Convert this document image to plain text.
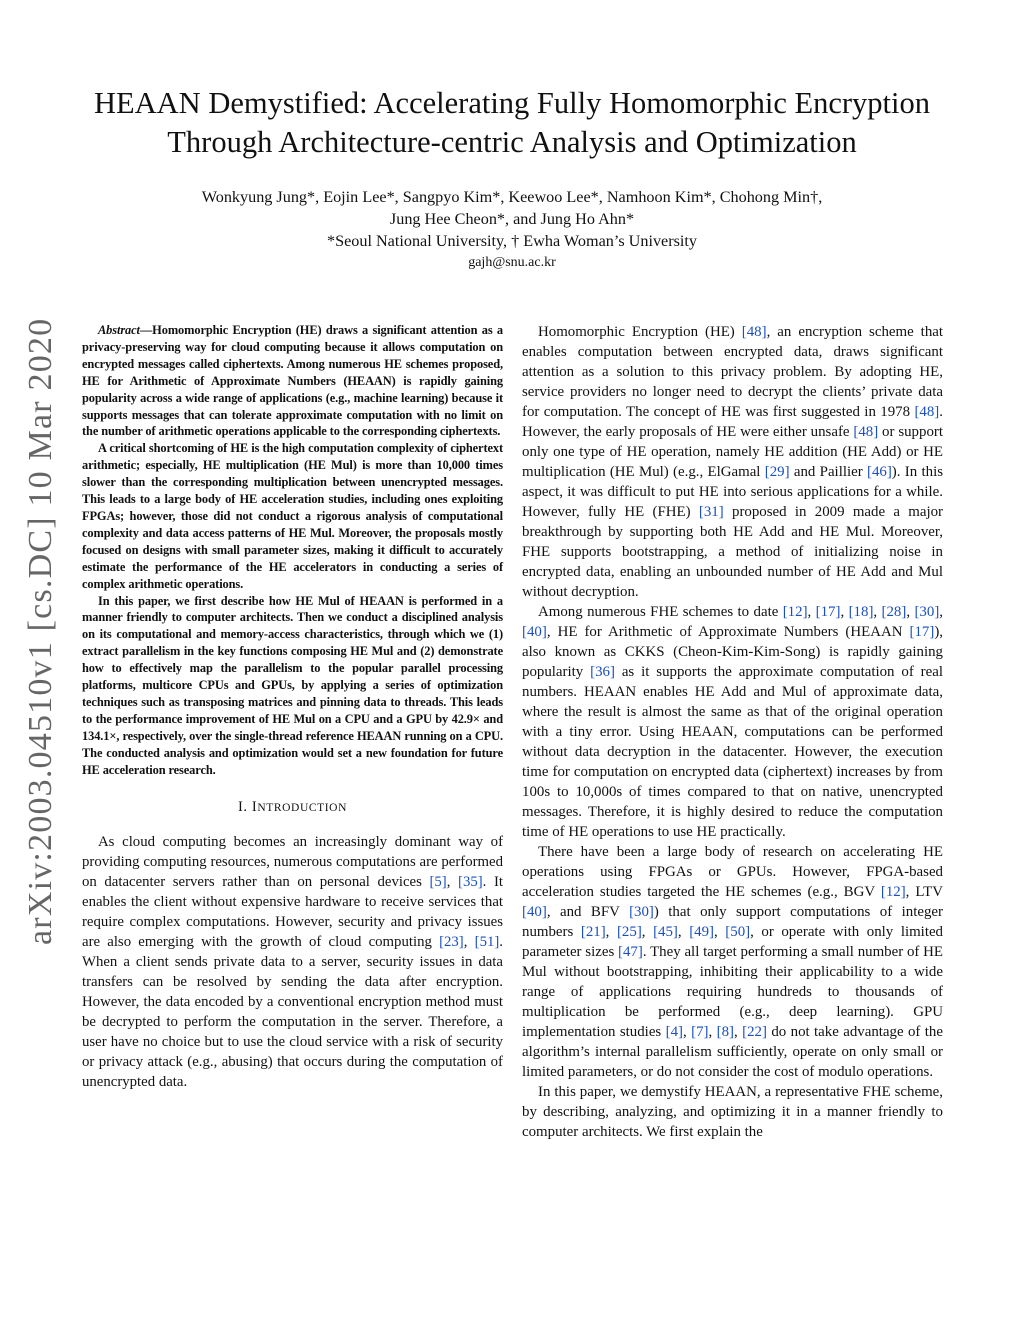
arXiv:2003.04510v1 [cs.DC] 10 Mar 2020
HEAAN Demystified: Accelerating Fully Homomorphic Encryption
Through Architecture-centric Analysis and Optimization
Wonkyung Jung*, Eojin Lee*, Sangpyo Kim*, Keewoo Lee*, Namhoon Kim*, Chohong Min†,
Jung Hee Cheon*, and Jung Ho Ahn*
*Seoul National University, † Ewha Woman’s University
gajh@snu.ac.kr

Abstract—Homomorphic Encryption (HE) draws a significant attention as a privacy-preserving way for cloud computing because it allows computation on encrypted messages called ciphertexts. Among numerous HE schemes proposed, HE for Arithmetic of Approximate Numbers (HEAAN) is rapidly gaining popularity across a wide range of applications (e.g., machine learning) because it supports messages that can tolerate approximate computation with no limit on the number of arithmetic operations applicable to the corresponding ciphertexts.

A critical shortcoming of HE is the high computation complexity of ciphertext arithmetic; especially, HE multiplication (HE Mul) is more than 10,000 times slower than the corresponding multiplication between unencrypted messages. This leads to a large body of HE acceleration studies, including ones exploiting FPGAs; however, those did not conduct a rigorous analysis of computational complexity and data access patterns of HE Mul. Moreover, the proposals mostly focused on designs with small parameter sizes, making it difficult to accurately estimate the performance of the HE accelerators in conducting a series of complex arithmetic operations.

In this paper, we first describe how HE Mul of HEAAN is performed in a manner friendly to computer architects. Then we conduct a disciplined analysis on its computational and memory-access characteristics, through which we (1) extract parallelism in the key functions composing HE Mul and (2) demonstrate how to effectively map the parallelism to the popular parallel processing platforms, multicore CPUs and GPUs, by applying a series of optimization techniques such as transposing matrices and pinning data to threads. This leads to the performance improvement of HE Mul on a CPU and a GPU by 42.9× and 134.1×, respectively, over the single-thread reference HEAAN running on a CPU. The conducted analysis and optimization would set a new foundation for future HE acceleration research.

I. INTRODUCTION

As cloud computing becomes an increasingly dominant way of providing computing resources, numerous computations are performed on datacenter servers rather than on personal devices [5], [35]. It enables the client without expensive hardware to receive services that require complex computations. However, security and privacy issues are also emerging with the growth of cloud computing [23], [51]. When a client sends private data to a server, security issues in data transfers can be resolved by sending the data after encryption. However, the data encoded by a conventional encryption method must be decrypted to perform the computation in the server. Therefore, a user have no choice but to use the cloud service with a risk of security or privacy attack (e.g., abusing) that occurs during the computation of unencrypted data.

Homomorphic Encryption (HE) [48], an encryption scheme that enables computation between encrypted data, draws significant attention as a solution to this privacy problem. By adopting HE, service providers no longer need to decrypt the clients’ private data for computation. The concept of HE was first suggested in 1978 [48]. However, the early proposals of HE were either unsafe [48] or support only one type of HE operation, namely HE addition (HE Add) or HE multiplication (HE Mul) (e.g., ElGamal [29] and Paillier [46]). In this aspect, it was difficult to put HE into serious applications for a while. However, fully HE (FHE) [31] proposed in 2009 made a major breakthrough by supporting both HE Add and HE Mul. Moreover, FHE supports bootstrapping, a method of initializing noise in encrypted data, enabling an unbounded number of HE Add and Mul without decryption.

Among numerous FHE schemes to date [12], [17], [18], [28], [30], [40], HE for Arithmetic of Approximate Numbers (HEAAN [17]), also known as CKKS (Cheon-Kim-Kim-Song) is rapidly gaining popularity [36] as it supports the approximate computation of real numbers. HEAAN enables HE Add and Mul of approximate data, where the result is almost the same as that of the original operation with a tiny error. Using HEAAN, computations can be performed without data decryption in the datacenter. However, the execution time for computation on encrypted data (ciphertext) increases by from 100s to 10,000s of times compared to that on native, unencrypted messages. Therefore, it is highly desired to reduce the computation time of HE operations to use HE practically.

There have been a large body of research on accelerating HE operations using FPGAs or GPUs. However, FPGA-based acceleration studies targeted the HE schemes (e.g., BGV [12], LTV [40], and BFV [30]) that only support computations of integer numbers [21], [25], [45], [49], [50], or operate with only limited parameter sizes [47]. They all target performing a small number of HE Mul without bootstrapping, inhibiting their applicability to a wide range of applications requiring hundreds to thousands of multiplication be performed (e.g., deep learning). GPU implementation studies [4], [7], [8], [22] do not take advantage of the algorithm’s internal parallelism sufficiently, operate on only small or limited parameters, or do not consider the cost of modulo operations.

In this paper, we demystify HEAAN, a representative FHE scheme, by describing, analyzing, and optimizing it in a manner friendly to computer architects. We first explain the
